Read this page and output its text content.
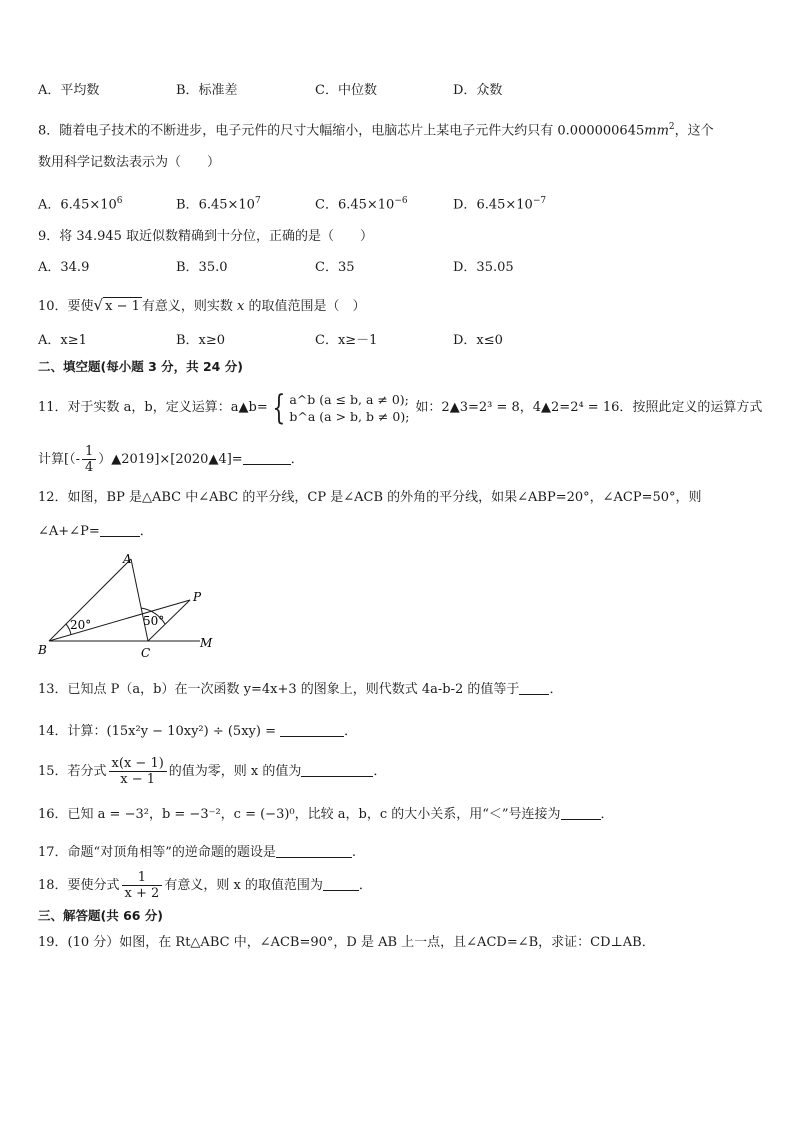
A．平均数	B．标准差	C．中位数	D．众数
8．随着电子技术的不断进步，电子元件的尺寸大幅缩小，电脑芯片上某电子元件大约只有 $0.000000645mm^2$，这个
数用科学记数法表示为（　　）
A．$6.45\times 10^6$	B．$6.45\times 10^7$	C．$6.45\times 10^{-6}$	D．$6.45\times 10^{-7}$
9．将 34.945 取近似数精确到十分位，正确的是（　　）
A．34.9	B．35.0	C．35	D．35.05
10．要使√ x − 1 有意义，则实数 x 的取值范围是（　）
A．x≥1	B．x≥0	C．x≥－1	D．x≤0
二、填空题(每小题 3 分，共 24 分)
11．对于实数 a，b，定义运算：a▲b= { a^b (a ≤ b, a ≠ 0);
b^a (a > b, b ≠ 0);
如：2▲3=2³ = 8，4▲2=2⁴ = 16．按照此定义的运算方式
计算[（- $\frac{1}{4}$ ）▲2019]×[2020▲4]=	．
12．如图，BP 是△ABC 中∠ABC 的平分线，CP 是∠ACB 的外角的平分线，如果∠ABP=20°，∠ACP=50°，则
∠A+∠P=	．
A
B	C
P
M
20°	50°
13．已知点 P（a，b）在一次函数 y=4x+3 的图象上，则代数式 4a-b-2 的值等于 ．
14．计算：(15x²y − 10xy²) ÷ (5xy) =	．
15．若分式 $\frac{x(x - 1)}{x - 1}$ 的值为零，则 x 的值为	．
16．已知 a = −3²，b = −3⁻²，c = (−3)⁰，比较 a，b，c 的大小关系，用“＜”号连接为	．
17．命题“对顶角相等”的逆命题的题设是	.
18．要使分式 $\frac{1}{x + 2}$ 有意义，则 x 的取值范围为	．
三、解答题(共 66 分)
19．(10 分）如图，在 Rt△ABC 中，∠ACB=90°，D 是 AB 上一点，且∠ACD=∠B，求证：CD⊥AB．
